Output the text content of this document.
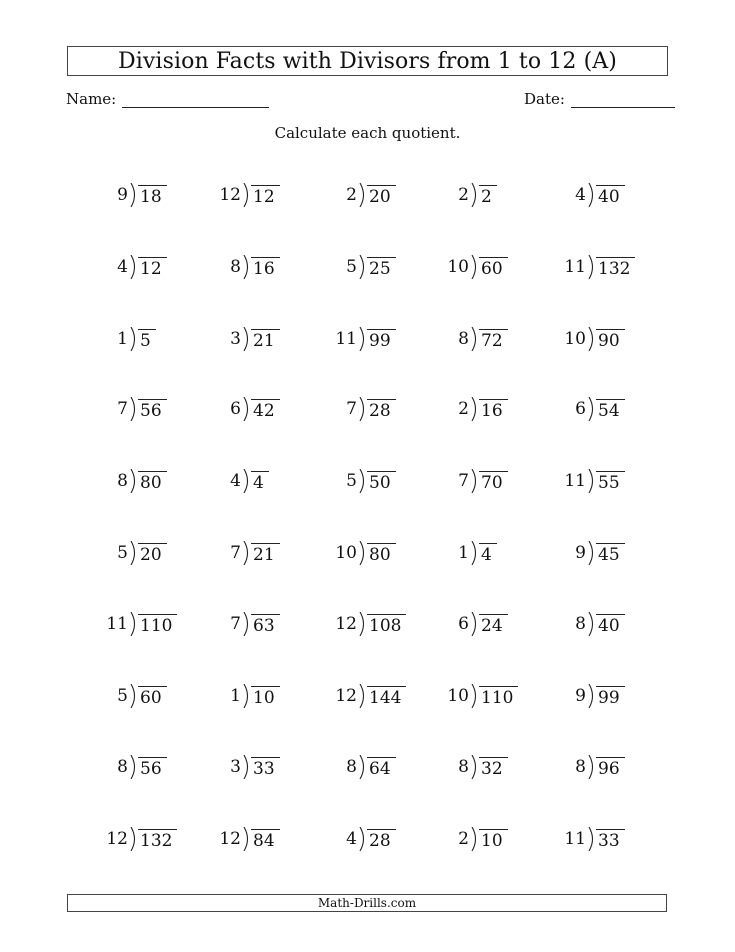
Division Facts with Divisors from 1 to 12 (A)
Name:	Date:
Calculate each quotient.
9 18	12 12	2 20	2 2	4 40
4 12	8 16	5 25	10 60	11 132
1 5	3 21	11 99	8 72	10 90
7 56	6 42	7 28	2 16	6 54
8 80	4 4	5 50	7 70	11 55
5 20	7 21	10 80	1 4	9 45
11 110	7 63	12 108	6 24	8 40
5 60	1 10	12 144	10 110	9 99
8 56	3 33	8 64	8 32	8 96
12 132	12 84	4 28	2 10	11 33
Math-Drills.com
